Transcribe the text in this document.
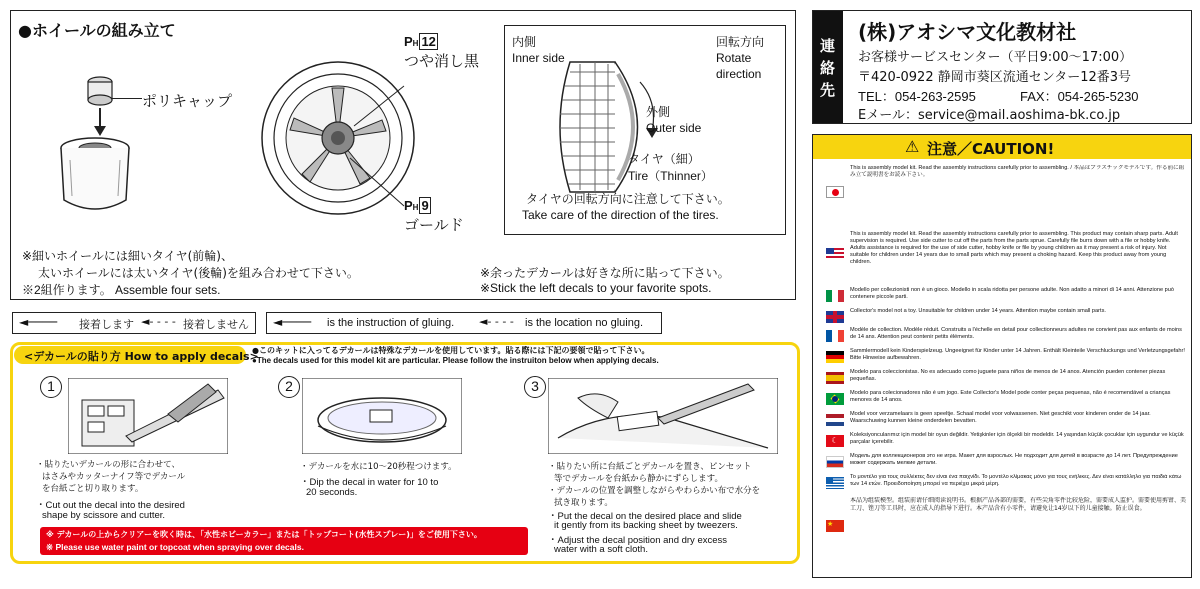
●ホイールの組み立て
ポリキャップ
PH 12
つや消し黒
PH 9
ゴールド
内側
Inner side
回転方向
Rotate
direction
外側
Outer side
タイヤ（細）
Tire（Thinner）
タイヤの回転方向に注意して下さい。
Take care of the direction of the tires.
※細いホイールには細いタイヤ(前輪)、
太いホイールには太いタイヤ(後輪)を組み合わせて下さい。
※2組作ります。 Assemble four sets.
※余ったデカールは好きな所に貼って下さい。
※Stick the left decals to your favorite spots.
◄──── 接着します ◄- - - - 接着しません ◄──── is the instruction of gluing. ◄- - - - is the location no gluing.
<デカールの貼り方 How to apply decals>
●このキットに入ってるデカールは特殊なデカールを使用しています。貼る際には下記の要領で貼って下さい。
●The decals used for this model kit are particular. Please follow the instruiton below when applying decals.
1
・貼りたいデカールの形に合わせて、
はさみやカッターナイフ等でデカール
を台紙ごと切り取ります。
・Cut out the decal into the desired
shape by scissore and cutter.
2
・デカールを水に10～20秒程つけます。
・Dip the decal in water for 10 to
20 seconds.
3
・貼りたい所に台紙ごとデカールを置き、ピンセット
等でデカールを台紙から静かにずらします。
・デカールの位置を調整しながらやわらかい布で水分を
拭き取ります。
・Put the decal on the desired place and slide
it gently from its backing sheet by tweezers.
・Adjust the decal position and dry excess
water with a soft cloth.
※ デカールの上からクリアーを吹く時は、「水性ホビーカラー」または「トップコート(水性スプレー)」をご使用下さい。
※ Please use water paint or topcoat when spraying over decals.
連絡先
(株)アオシマ文化教材社
お客様サービスセンター（平日9:00～17:00）
〒420-0922 静岡市葵区流通センター12番3号
TEL：054-263-2595	FAX：054-265-5230
Eメール：service@mail.aoshima-bk.co.jp
⚠ 注意／CAUTION!
This is assembly model kit. Read the assembly instructions carefully prior to assembling. / 本品はプラスチックモデルです。作る前に組み立て説明書をお読み下さい。
This is assembly model kit. Read the assembly instructions carefully prior to assembling. This product may contain sharp parts. Adult supervision is required. Use side cutter to cut off the parts from the parts sprue. Carefully file burrs down with a file or hobby knife. Adults assistance is required for the use of side cutter, hobby knife or file by young children as it may present a risk of injury. Not suitable for children under 14 years due to small parts which may present a choking hazard. Keep this product away from young children.
Modello per collezionisti non è un gioco. Modello in scala ridotta per persone adulte. Non adatto a minori di 14 anni. Attenzione può contenere piccole parti.
Collector's model not a toy. Unsuitable for children under 14 years. Attention maybe contain small parts.
Modèle de collection. Modèle réduit. Construits a l'échelle en detail pour collectionneurs adultes ne convient pas aux enfants de moins de 14 ans. Attention peut contenir petits éléments.
Sammlermodell kein Kinderspielzeug. Ungeeignet für Kinder unter 14 Jahren. Enthält Kleinteile Verschluckungs und Verletzungsgefahr! Bitte Hinweise aufbewahren.
Modelo para coleccionistas. No es adecuado como juguete para niños de menos de 14 anos. Atención pueden contener piezas pequeñas.
Modelo para colecionadores não é um jogo. Este Collector's Model pode conter peças pequenas, não é recomendável a crianças menores de 14 anos.
Model voor verzamelaars is geen speeltje. Schaal model voor volwassenen. Niet geschikt voor kinderen onder de 14 jaar. Waarschuwing kunnen kleine onderdelen bevatten.
☾
Koleksiyoncularımız için model bir oyun değildir. Yetişkinler için ölçekli bir modeldir. 14 yaşından küçük çocuklar için uygundur ve küçük parçalar içerebilir.
Модель для коллекционеров это не игра. Макет для взрослых. Не подходит для детей в возрасте до 14 лет. Предупреждение может содержать мелкие детали.
Το μοντέλο για τους συλλέκτες δεν είναι ένα παιχνίδι. Το μοντέλο κλίμακας μόνο για τους ενήλικες. Δεν είναι κατάλληλο για παιδιά κάτω των 14 ετών. Προειδοποίηση μπορεί να περιέχει μικρά μέρη.
★
本品为组装模型。组装前请仔细阅读说明书。根据产品各部的需要，有些尖角零件比较危险，需要成人监护。需要使用剪钳、美工刀、锉刀等工具时，应在成人的指导下进行。本产品含有小零件，请避免让14岁以下的儿童接触。防止误食。
